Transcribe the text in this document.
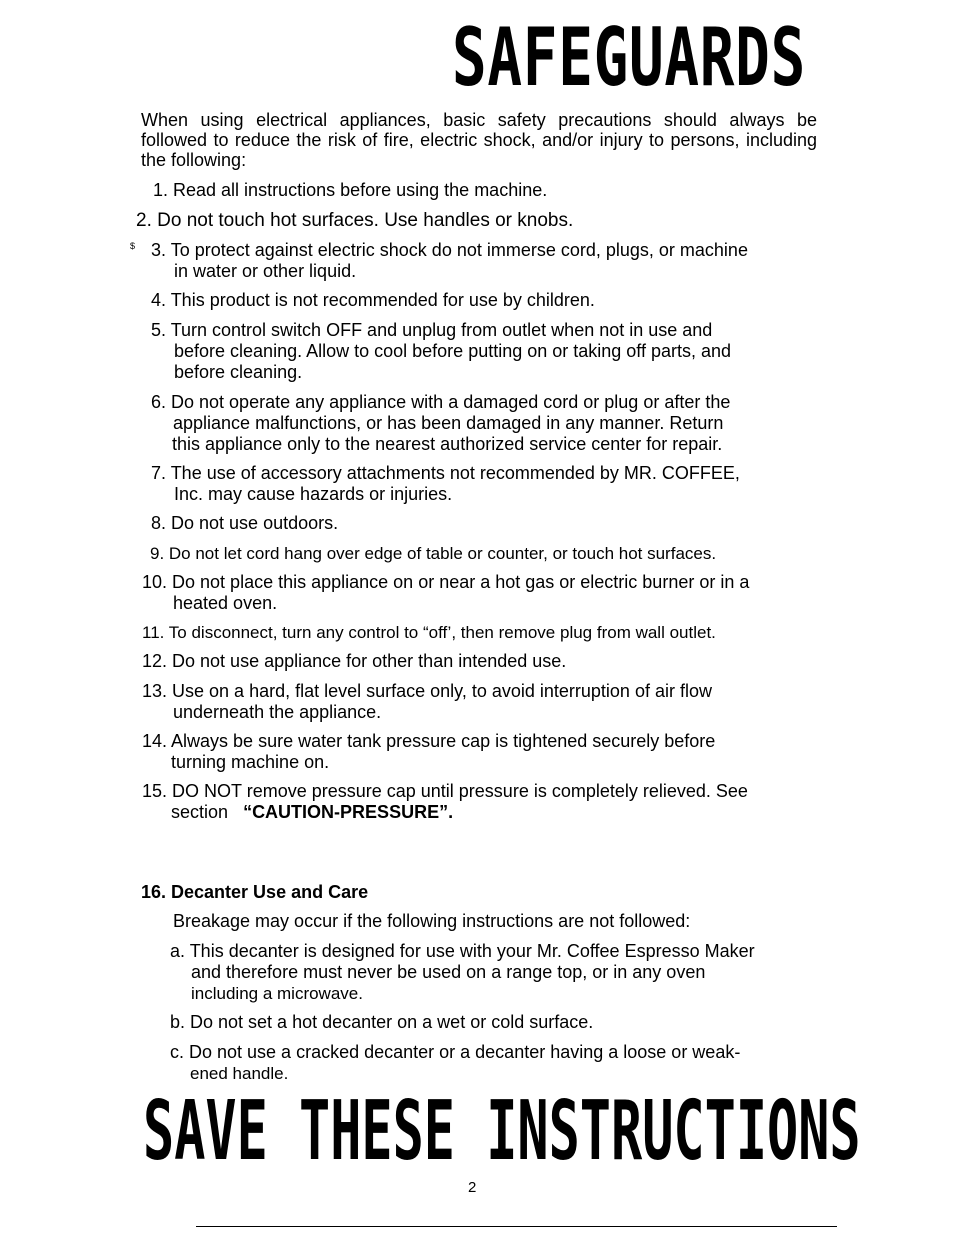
SAFEGUARDS
When using electrical appliances, basic safety precautions should always be followed to reduce the risk of fire, electric shock, and/or injury to persons, including the following:
$
1. Read all instructions before using the machine.
2. Do not touch hot surfaces. Use handles or knobs.
3. To protect against electric shock do not immerse cord, plugs, or machine
in water or other liquid.
4. This product is not recommended for use by children.
5. Turn control switch OFF and unplug from outlet when not in use and
before cleaning. Allow to cool before putting on or taking off parts, and
before cleaning.
6. Do not operate any appliance with a damaged cord or plug or after the
appliance malfunctions, or has been damaged in any manner. Return
this appliance only to the nearest authorized service center for repair.
7. The use of accessory attachments not recommended by MR. COFFEE,
Inc. may cause hazards or injuries.
8. Do not use outdoors.
9. Do not let cord hang over edge of table or counter, or touch hot surfaces.
10. Do not place this appliance on or near a hot gas or electric burner or in a
heated oven.
11. To disconnect, turn any control to “off’, then remove plug from wall outlet.
12. Do not use appliance for other than intended use.
13. Use on a hard, flat level surface only, to avoid interruption of air flow
underneath the appliance.
14. Always be sure water tank pressure cap is tightened securely before
turning machine on.
15. DO NOT remove pressure cap until pressure is completely relieved. See
section “CAUTION-PRESSURE”.
16. Decanter Use and Care
Breakage may occur if the following instructions are not followed:
a. This decanter is designed for use with your Mr. Coffee Espresso Maker
and therefore must never be used on a range top, or in any oven
including a microwave.
b. Do not set a hot decanter on a wet or cold surface.
c. Do not use a cracked decanter or a decanter having a loose or weak-
ened handle.
SAVE THESE INSTRUCTIONS
2
